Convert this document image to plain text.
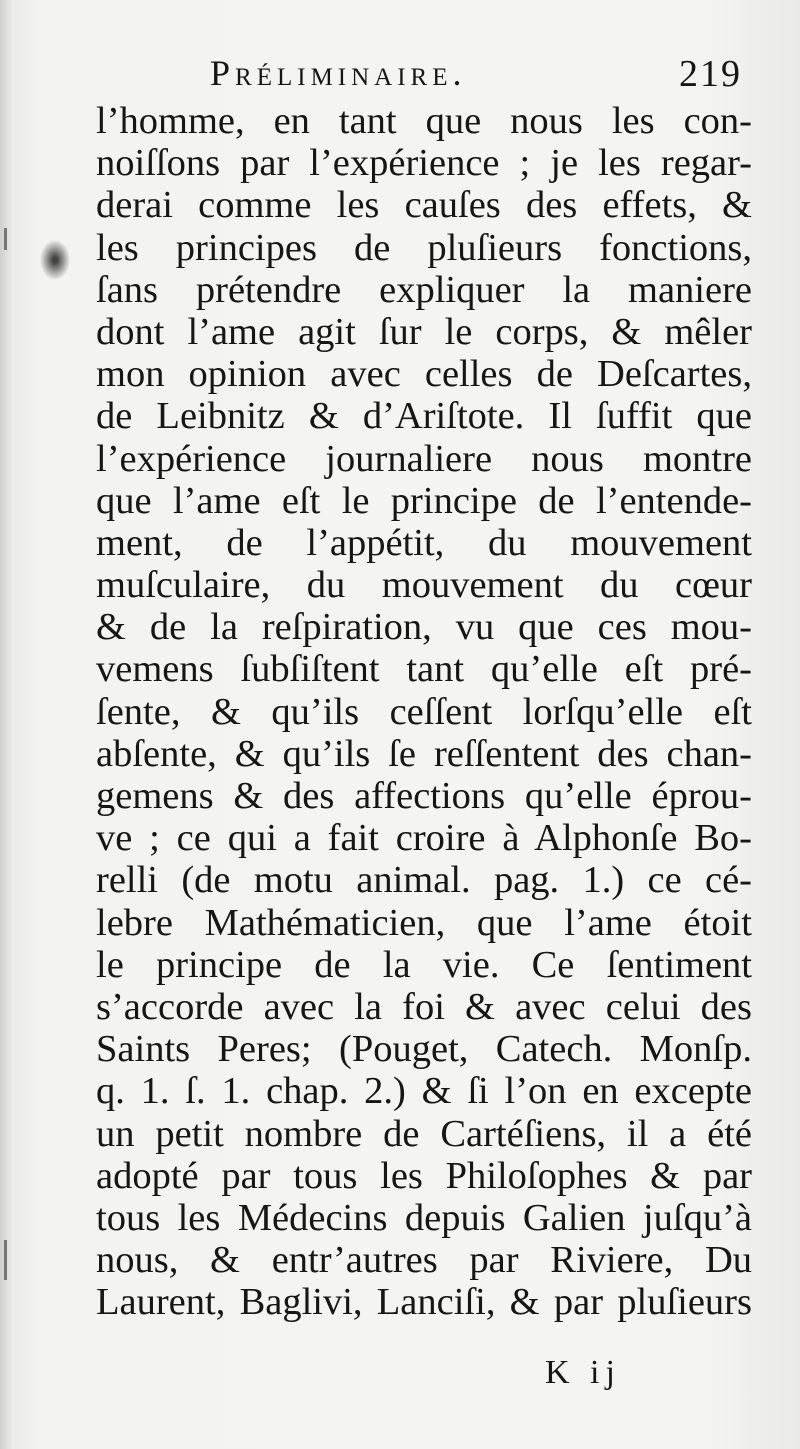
Préliminaire.	219
l’homme, en tant que nous les con-
noiſſons par l’expérience ; je les regar-
derai comme les cauſes des effets, &
les principes de pluſieurs fonctions,
ſans prétendre expliquer la maniere
dont l’ame agit ſur le corps, & mêler
mon opinion avec celles de Deſcartes,
de Leibnitz & d’Ariſtote. Il ſuffit que
l’expérience journaliere nous montre
que l’ame eſt le principe de l’entende-
ment, de l’appétit, du mouvement
muſculaire, du mouvement du cœur
& de la reſpiration, vu que ces mou-
vemens ſubſiſtent tant qu’elle eſt pré-
ſente, & qu’ils ceſſent lorſqu’elle eſt
abſente, & qu’ils ſe reſſentent des chan-
gemens & des affections qu’elle éprou-
ve ; ce qui a fait croire à Alphonſe Bo-
relli (de motu animal. pag. 1.) ce cé-
lebre Mathématicien, que l’ame étoit
le principe de la vie. Ce ſentiment
s’accorde avec la foi & avec celui des
Saints Peres; (Pouget, Catech. Monſp.
q. 1. ſ. 1. chap. 2.) & ſi l’on en excepte
un petit nombre de Cartéſiens, il a été
adopté par tous les Philoſophes & par
tous les Médecins depuis Galien juſqu’à
nous, & entr’autres par Riviere, Du
Laurent, Baglivi, Lanciſi, & par pluſieurs
K ij
